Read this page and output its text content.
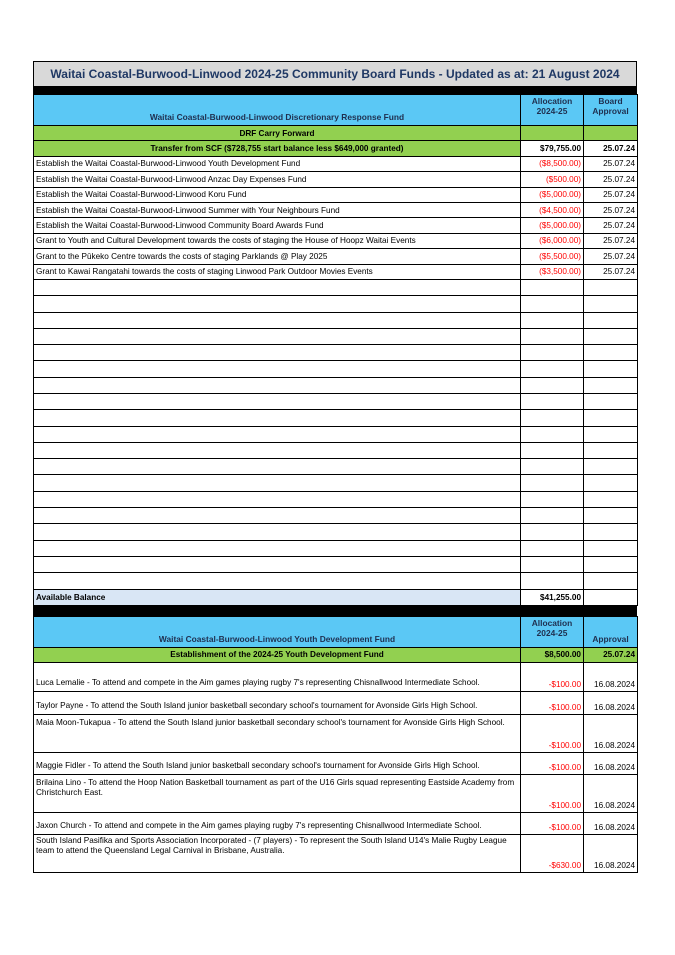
Waitai Coastal-Burwood-Linwood 2024-25 Community Board Funds - Updated as at: 21 August 2024
Waitai Coastal-Burwood-Linwood Discretionary Response Fund	Allocation 2024-25	Board Approval
DRF Carry Forward		
Transfer from SCF ($728,755 start balance less $649,000 granted)	$79,755.00	25.07.24
Establish the Waitai Coastal-Burwood-Linwood Youth Development Fund	($8,500.00)	25.07.24
Establish the Waitai Coastal-Burwood-Linwood Anzac Day Expenses Fund	($500.00)	25.07.24
Establish the Waitai Coastal-Burwood-Linwood Koru Fund	($5,000.00)	25.07.24
Establish the Waitai Coastal-Burwood-Linwood Summer with Your Neighbours Fund	($4,500.00)	25.07.24
Establish the Waitai Coastal-Burwood-Linwood Community Board Awards Fund	($5,000.00)	25.07.24
Grant to Youth and Cultural Development towards the costs of staging the House of Hoopz Waitai Events	($6,000.00)	25.07.24
Grant to the Pūkeko Centre towards the costs of staging Parklands @ Play 2025	($5,500.00)	25.07.24
Grant to Kawai Rangatahi towards the costs of staging Linwood Park Outdoor Movies Events	($3,500.00)	25.07.24

Available Balance	$41,255.00	
Waitai Coastal-Burwood-Linwood Youth Development Fund	Allocation 2024-25	Approval
Establishment of the 2024-25 Youth Development Fund	$8,500.00	25.07.24
Luca Lemalie - To attend and compete in the Aim games playing rugby 7's representing Chisnallwood Intermediate School.	-$100.00	16.08.2024
Taylor Payne - To attend the South Island junior basketball secondary school's tournament for Avonside Girls High School.	-$100.00	16.08.2024
Maia Moon-Tukapua - To attend the South Island junior basketball secondary school's tournament for Avonside Girls High School.	-$100.00	16.08.2024
Maggie Fidler - To attend the South Island junior basketball secondary school's tournament for Avonside Girls High School.	-$100.00	16.08.2024
Brilaina Lino - To attend the Hoop Nation Basketball tournament as part of the U16 Girls squad representing Eastside Academy from Christchurch East.	-$100.00	16.08.2024
Jaxon Church - To attend and compete in the Aim games playing rugby 7's representing Chisnallwood Intermediate School.	-$100.00	16.08.2024
South Island Pasifika and Sports Association Incorporated - (7 players) - To represent the South Island U14's Malie Rugby League team to attend the Queensland Legal Carnival in Brisbane, Australia.	-$630.00	16.08.2024
